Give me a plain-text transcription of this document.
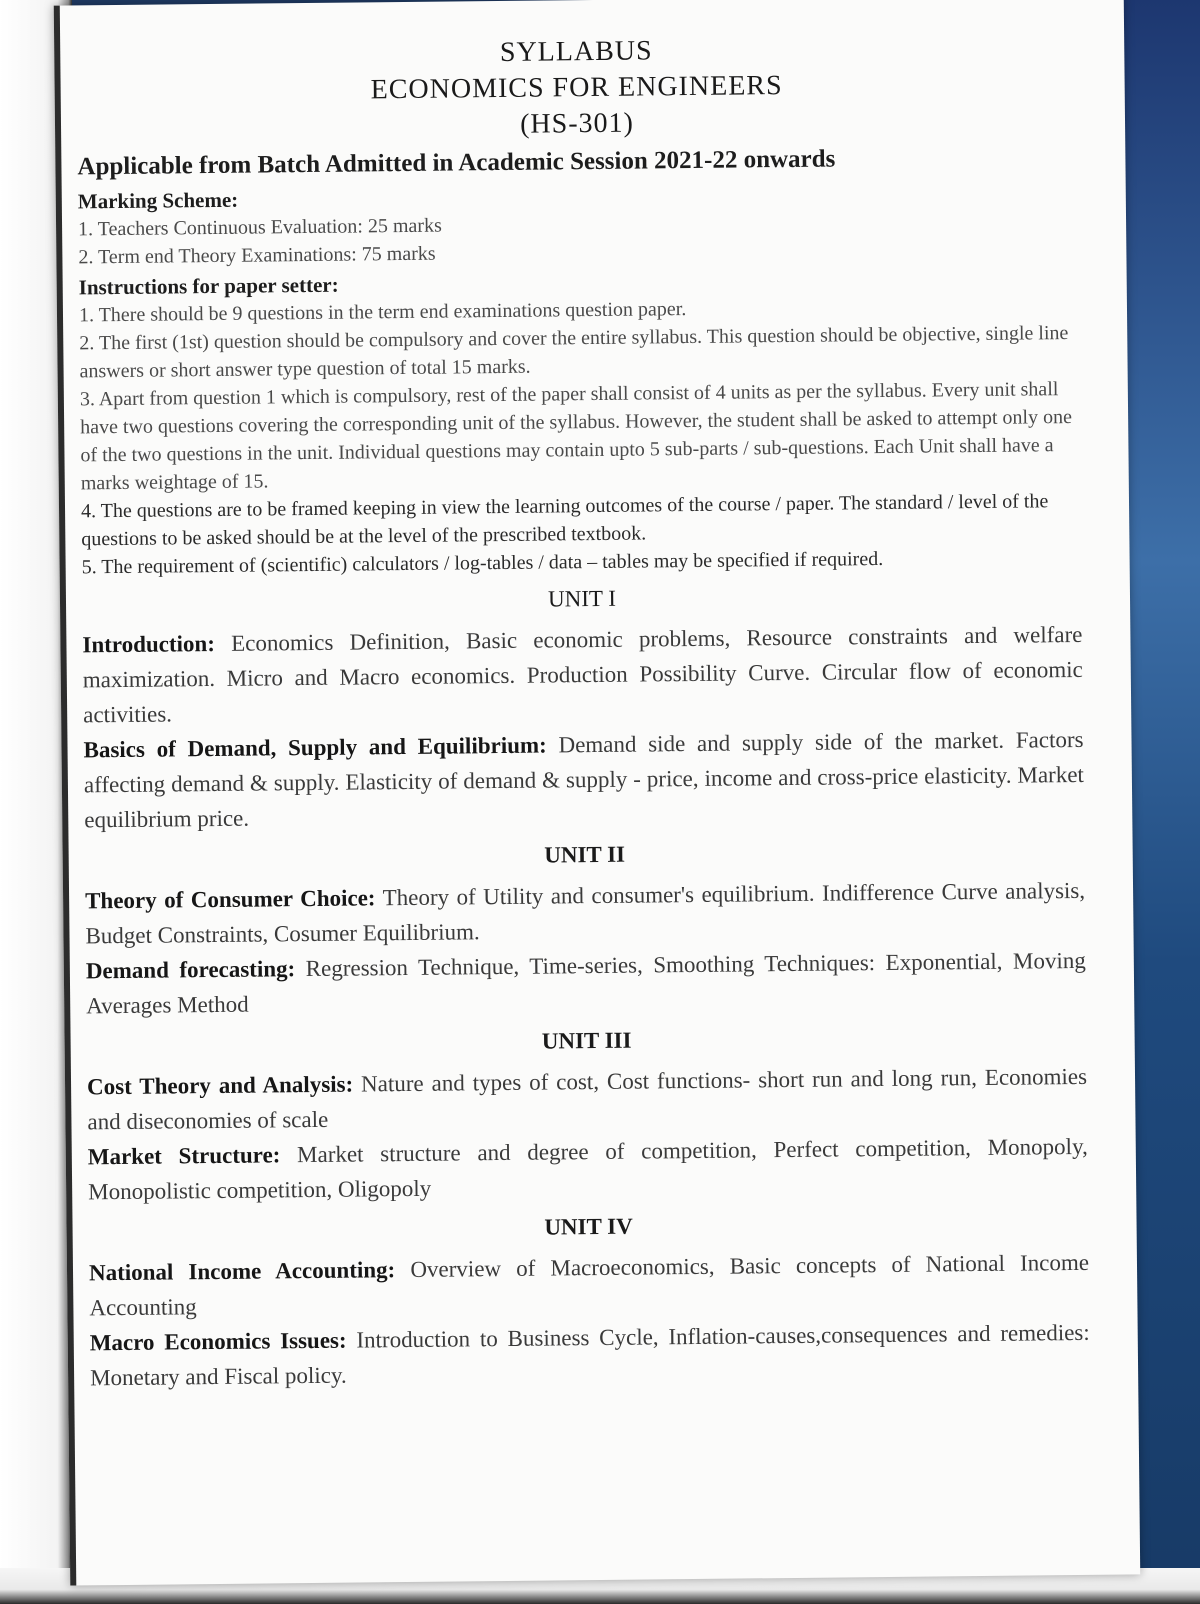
SYLLABUS
ECONOMICS FOR ENGINEERS
(HS-301)
Applicable from Batch Admitted in Academic Session 2021-22 onwards
Marking Scheme:

1. Teachers Continuous Evaluation: 25 marks

2. Term end Theory Examinations: 75 marks

Instructions for paper setter:

1. There should be 9 questions in the term end examinations question paper.

2. The first (1st) question should be compulsory and cover the entire syllabus. This question should be objective, single line answers or short answer type question of total 15 marks.

3. Apart from question 1 which is compulsory, rest of the paper shall consist of 4 units as per the syllabus. Every unit shall have two questions covering the corresponding unit of the syllabus. However, the student shall be asked to attempt only one of the two questions in the unit. Individual questions may contain upto 5 sub-parts / sub-questions. Each Unit shall have a marks weightage of 15.

4. The questions are to be framed keeping in view the learning outcomes of the course / paper. The standard / level of the questions to be asked should be at the level of the prescribed textbook.

5. The requirement of (scientific) calculators / log-tables / data – tables may be specified if required.

UNIT I

Introduction: Economics Definition, Basic economic problems, Resource constraints and welfare maximization. Micro and Macro economics. Production Possibility Curve. Circular flow of economic activities.

Basics of Demand, Supply and Equilibrium: Demand side and supply side of the market. Factors affecting demand & supply. Elasticity of demand & supply - price, income and cross-price elasticity. Market equilibrium price.

UNIT II

Theory of Consumer Choice: Theory of Utility and consumer's equilibrium. Indifference Curve analysis, Budget Constraints, Cosumer Equilibrium.

Demand forecasting: Regression Technique, Time-series, Smoothing Techniques: Exponential, Moving Averages Method

UNIT III

Cost Theory and Analysis: Nature and types of cost, Cost functions- short run and long run, Economies and diseconomies of scale

Market Structure: Market structure and degree of competition, Perfect competition, Monopoly, Monopolistic competition, Oligopoly

UNIT IV

National Income Accounting: Overview of Macroeconomics, Basic concepts of National Income Accounting

Macro Economics Issues: Introduction to Business Cycle, Inflation-causes,consequences and remedies: Monetary and Fiscal policy.
